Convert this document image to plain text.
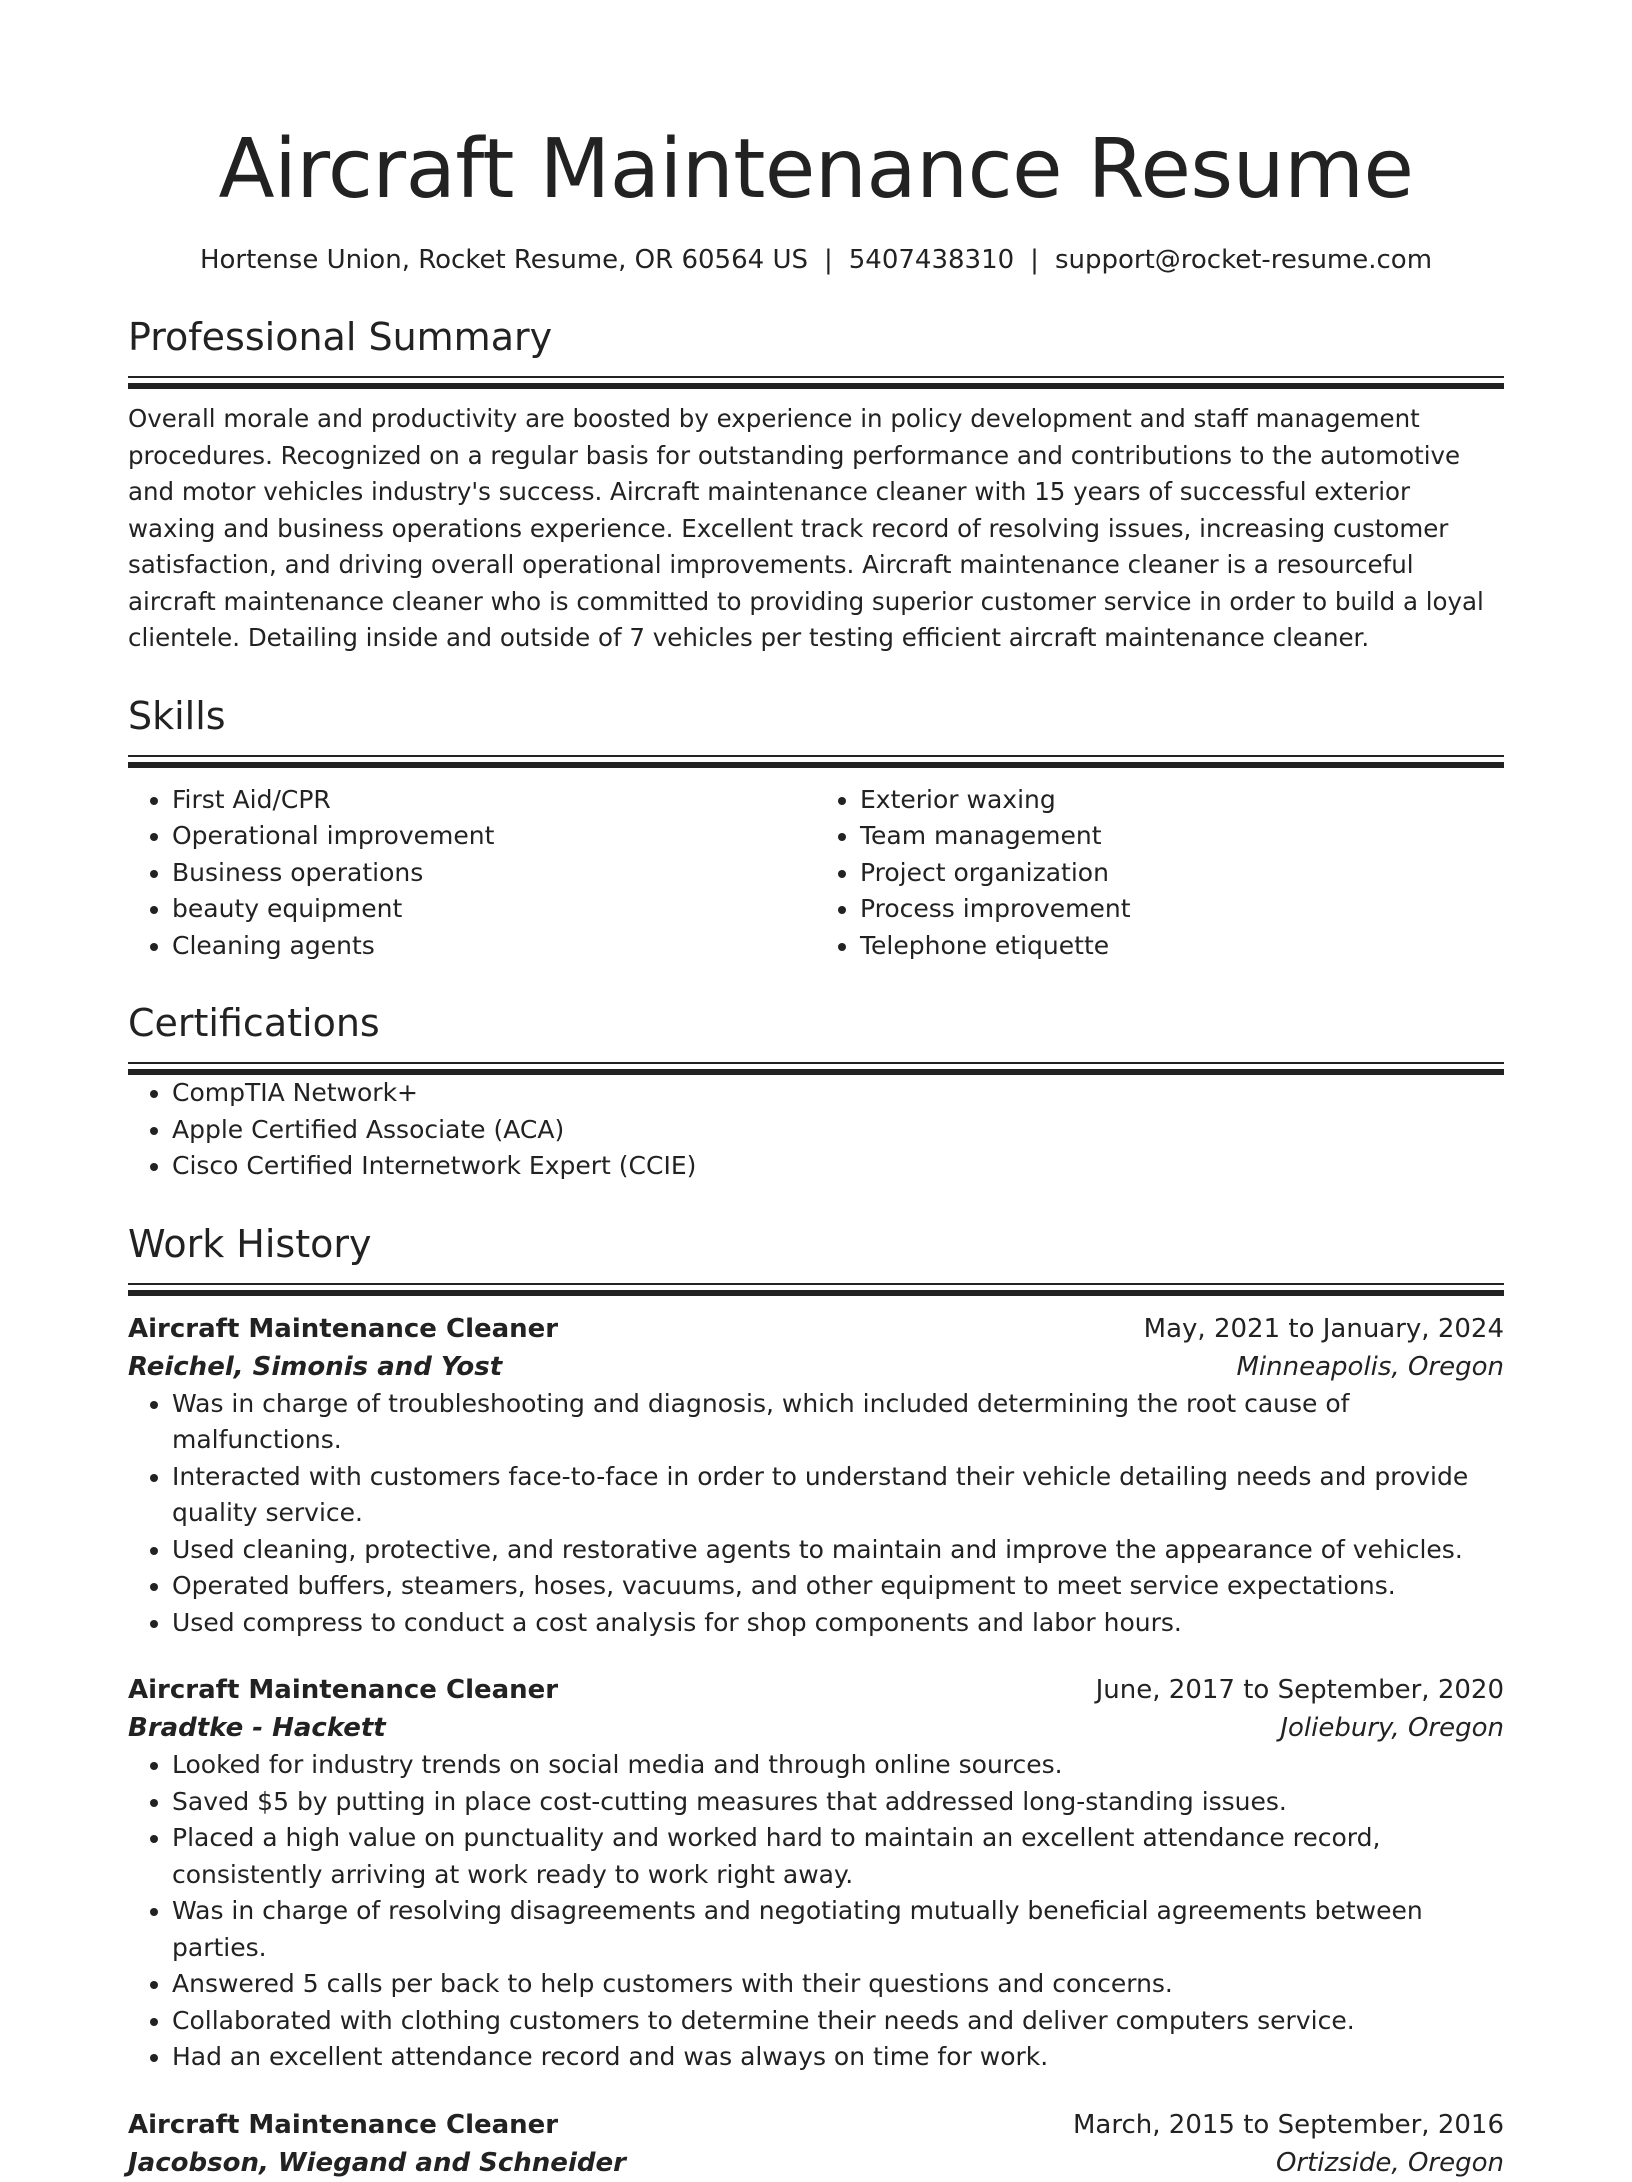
Aircraft Maintenance Resume
Hortense Union, Rocket Resume, OR 60564 US | 5407438310 | support@rocket-resume.com
Professional Summary

Overall morale and productivity are boosted by experience in policy development and staff management procedures. Recognized on a regular basis for outstanding performance and contributions to the automotive and motor vehicles industry's success. Aircraft maintenance cleaner with 15 years of successful exterior waxing and business operations experience. Excellent track record of resolving issues, increasing customer satisfaction, and driving overall operational improvements. Aircraft maintenance cleaner is a resourceful aircraft maintenance cleaner who is committed to providing superior customer service in order to build a loyal clientele. Detailing inside and outside of 7 vehicles per testing efficient aircraft maintenance cleaner.

Skills
• First Aid/CPR
• Operational improvement
• Business operations
• beauty equipment
• Cleaning agents
• Exterior waxing
• Team management
• Project organization
• Process improvement
• Telephone etiquette
Certifications
• CompTIA Network+
• Apple Certified Associate (ACA)
• Cisco Certified Internetwork Expert (CCIE)
Work History
Aircraft Maintenance Cleaner	May, 2021 to January, 2024
Reichel, Simonis and Yost	Minneapolis, Oregon
• Was in charge of troubleshooting and diagnosis, which included determining the root cause of malfunctions.
• Interacted with customers face-to-face in order to understand their vehicle detailing needs and provide quality service.
• Used cleaning, protective, and restorative agents to maintain and improve the appearance of vehicles.
• Operated buffers, steamers, hoses, vacuums, and other equipment to meet service expectations.
• Used compress to conduct a cost analysis for shop components and labor hours.
Aircraft Maintenance Cleaner	June, 2017 to September, 2020
Bradtke - Hackett	Joliebury, Oregon
• Looked for industry trends on social media and through online sources.
• Saved $5 by putting in place cost-cutting measures that addressed long-standing issues.
• Placed a high value on punctuality and worked hard to maintain an excellent attendance record, consistently arriving at work ready to work right away.
• Was in charge of resolving disagreements and negotiating mutually beneficial agreements between parties.
• Answered 5 calls per back to help customers with their questions and concerns.
• Collaborated with clothing customers to determine their needs and deliver computers service.
• Had an excellent attendance record and was always on time for work.
Aircraft Maintenance Cleaner	March, 2015 to September, 2016
Jacobson, Wiegand and Schneider	Ortizside, Oregon
